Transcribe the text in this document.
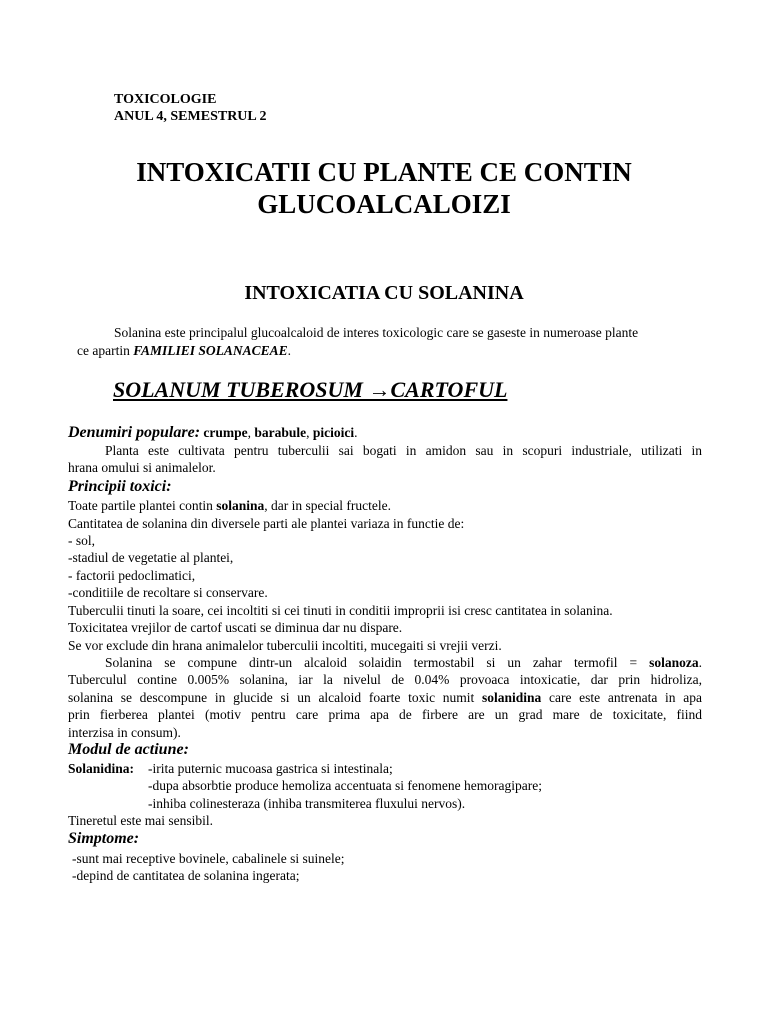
TOXICOLOGIE
ANUL 4, SEMESTRUL 2
INTOXICATII CU PLANTE CE CONTIN
GLUCOALCALOIZI
INTOXICATIA CU SOLANINA
Solanina este principalul glucoalcaloid de interes toxicologic care se gaseste in numeroase plante
ce apartin FAMILIEI SOLANACEAE.
SOLANUM TUBEROSUM →CARTOFUL
Denumiri populare: crumpe, barabule, picioici.
Planta este cultivata pentru tuberculii sai bogati in amidon sau in scopuri industriale, utilizati in
hrana omului si animalelor.
Principii toxici:
Toate partile plantei contin solanina, dar in special fructele.
Cantitatea de solanina din diversele parti ale plantei variaza in functie de:
- sol,
-stadiul de vegetatie al plantei,
- factorii pedoclimatici,
-conditiile de recoltare si conservare.
Tuberculii tinuti la soare, cei incoltiti si cei tinuti in conditii improprii isi cresc cantitatea in solanina.
Toxicitatea vrejilor de cartof uscati se diminua dar nu dispare.
Se vor exclude din hrana animalelor tuberculii incoltiti, mucegaiti si vrejii verzi.
Solanina se compune dintr-un alcaloid solaidin termostabil si un zahar termofil = solanoza.
Tuberculul contine 0.005% solanina, iar la nivelul de 0.04% provoaca intoxicatie, dar prin hidroliza,
solanina se descompune in glucide si un alcaloid foarte toxic numit solanidina care este antrenata in apa
prin fierberea plantei (motiv pentru care prima apa de firbere are un grad mare de toxicitate, fiind
interzisa in consum).
Modul de actiune:
Solanidina: -irita puternic mucoasa gastrica si intestinala;
-dupa absorbtie produce hemoliza accentuata si fenomene hemoragipare;
-inhiba colinesteraza (inhiba transmiterea fluxului nervos).
Tineretul este mai sensibil.
Simptome:
-sunt mai receptive bovinele, cabalinele si suinele;
-depind de cantitatea de solanina ingerata;
